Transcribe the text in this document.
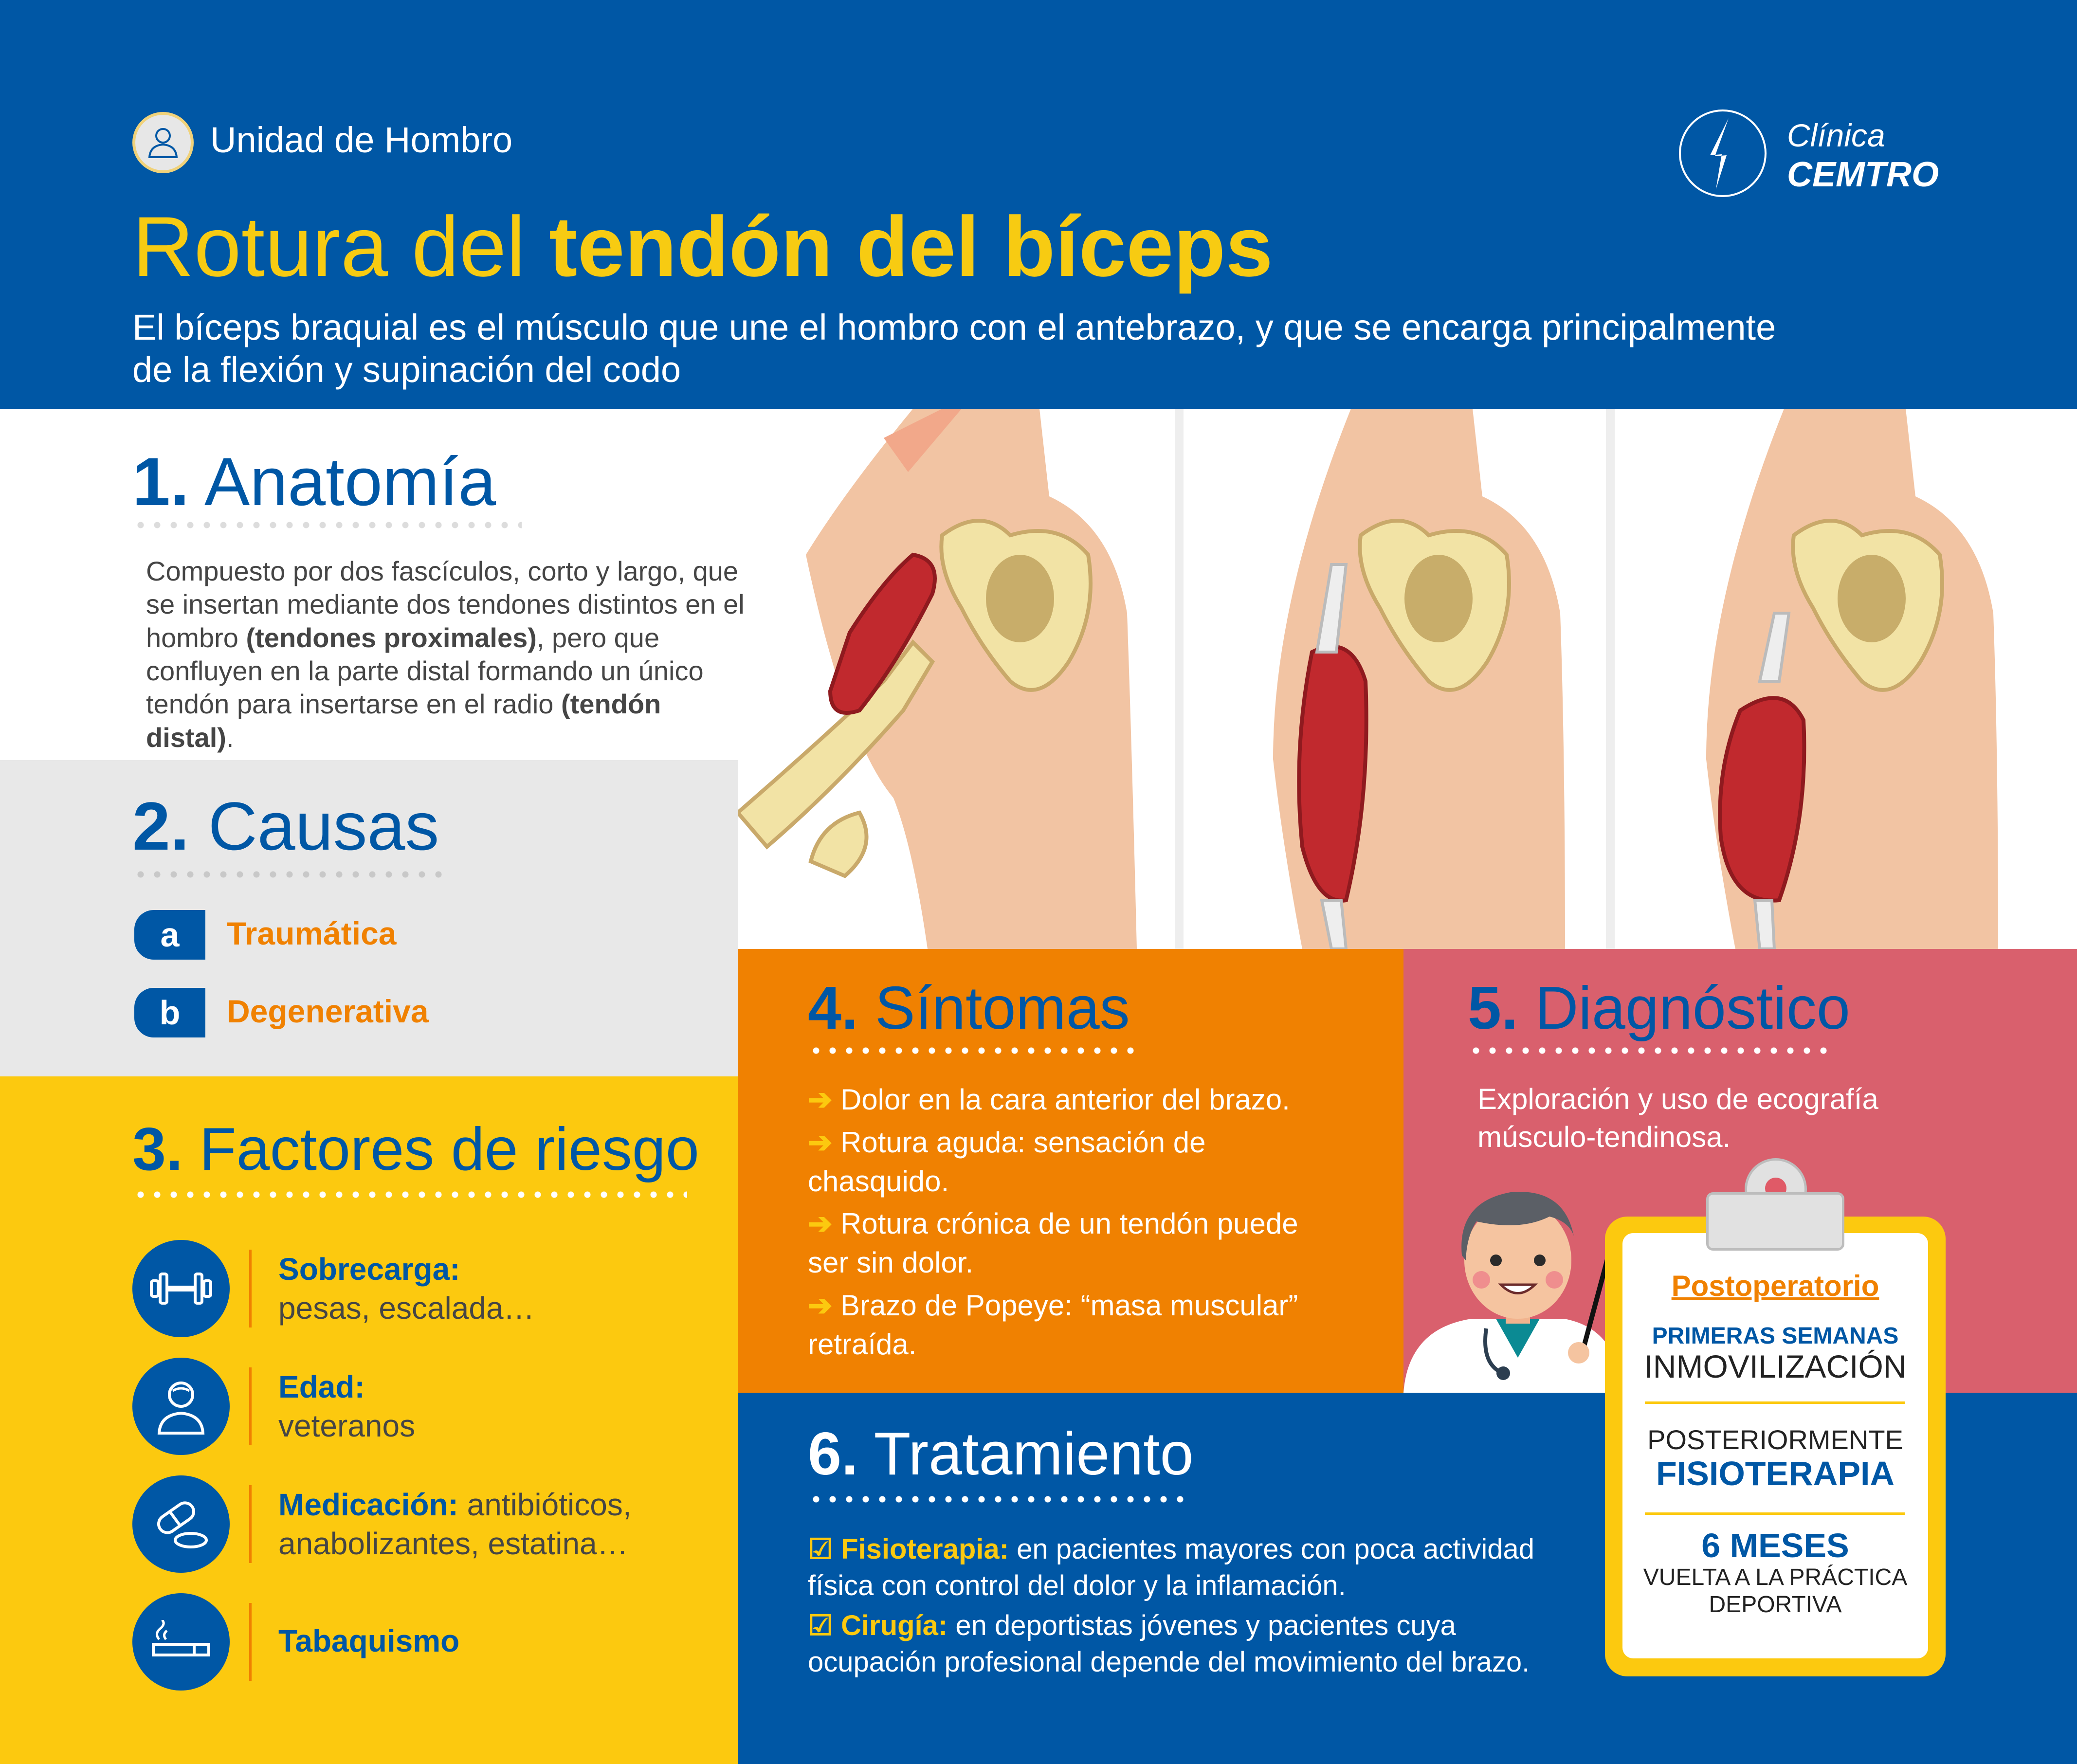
Unidad de Hombro	Clínica
CEMTRO
Rotura del tendón del bíceps
El bíceps braquial es el músculo que une el hombro con el antebrazo, y que se encarga principalmente
de la flexión y supinación del codo
1. Anatomía
Compuesto por dos fascículos, corto y largo, que
se insertan mediante dos tendones distintos en el
hombro (tendones proximales), pero que
confluyen en la parte distal formando un único
tendón para insertarse en el radio (tendón distal).
2. Causas
a	Traumática
b	Degenerativa
3. Factores de riesgo
Sobrecarga:
pesas, escalada…
Edad:
veteranos
Medicación: antibióticos,
anabolizantes, estatina…
Tabaquismo
4. Síntomas
➔ Dolor en la cara anterior del brazo.
➔ Rotura aguda: sensación de
chasquido.
➔ Rotura crónica de un tendón puede
ser sin dolor.
➔ Brazo de Popeye: “masa muscular”
retraída.
5. Diagnóstico
Exploración y uso de ecografía
músculo-tendinosa.
6. Tratamiento
☑ Fisioterapia: en pacientes mayores con poca actividad
física con control del dolor y la inflamación.
☑ Cirugía: en deportistas jóvenes y pacientes cuya
ocupación profesional depende del movimiento del brazo.
Postoperatorio
PRIMERAS SEMANAS
INMOVILIZACIÓN
POSTERIORMENTE
FISIOTERAPIA
6 MESES
VUELTA A LA PRÁCTICA
DEPORTIVA
